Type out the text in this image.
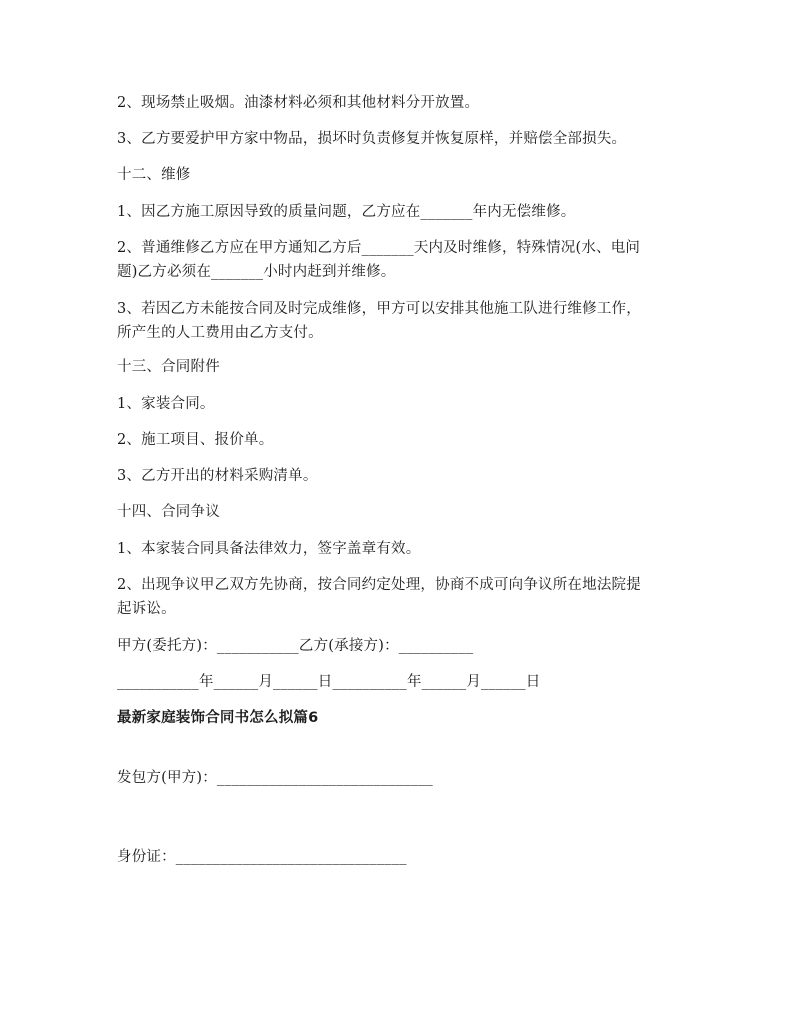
2、现场禁止吸烟。油漆材料必须和其他材料分开放置。
3、乙方要爱护甲方家中物品，损坏时负责修复并恢复原样，并赔偿全部损失。
十二、维修
1、因乙方施工原因导致的质量问题，乙方应在_______年内无偿维修。
2、普通维修乙方应在甲方通知乙方后_______天内及时维修，特殊情况(水、电问
题)乙方必须在_______小时内赶到并维修。
3、若因乙方未能按合同及时完成维修，甲方可以安排其他施工队进行维修工作，
所产生的人工费用由乙方支付。
十三、合同附件
1、家装合同。
2、施工项目、报价单。
3、乙方开出的材料采购清单。
十四、合同争议
1、本家装合同具备法律效力，签字盖章有效。
2、出现争议甲乙双方先协商，按合同约定处理，协商不成可向争议所在地法院提
起诉讼。
甲方(委托方)：___________乙方(承接方)：__________
___________年______月______日__________年______月______日
最新家庭装饰合同书怎么拟篇6
发包方(甲方)：_____________________________
身份证：_______________________________
